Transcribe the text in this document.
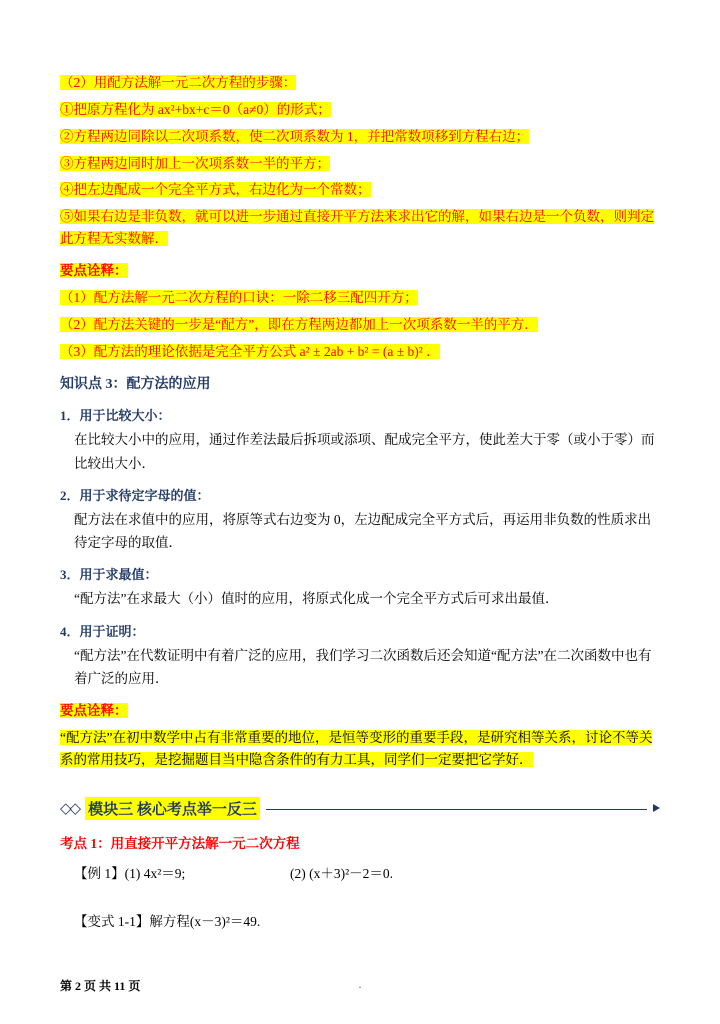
（2）用配方法解一元二次方程的步骤：

①把原方程化为 ax²+bx+c＝0（a≠0）的形式；

②方程两边同除以二次项系数，使二次项系数为 1，并把常数项移到方程右边；

③方程两边同时加上一次项系数一半的平方；

④把左边配成一个完全平方式，右边化为一个常数；

⑤如果右边是非负数，就可以进一步通过直接开平方法来求出它的解，如果右边是一个负数，则判定此方程无实数解．

要点诠释：

（1）配方法解一元二次方程的口诀：一除二移三配四开方；

（2）配方法关键的一步是“配方”，即在方程两边都加上一次项系数一半的平方．

（3）配方法的理论依据是完全平方公式 a² ± 2ab + b² = (a ± b)² ．

知识点 3：配方法的应用

1．用于比较大小：

在比较大小中的应用，通过作差法最后拆项或添项、配成完全平方，使此差大于零（或小于零）而比较出大小．

2．用于求待定字母的值：

配方法在求值中的应用，将原等式右边变为 0，左边配成完全平方式后，再运用非负数的性质求出待定字母的取值．

3．用于求最值：

“配方法”在求最大（小）值时的应用，将原式化成一个完全平方式后可求出最值．

4．用于证明：

“配方法”在代数证明中有着广泛的应用，我们学习二次函数后还会知道“配方法”在二次函数中也有着广泛的应用．

要点诠释：

“配方法”在初中数学中占有非常重要的地位，是恒等变形的重要手段，是研究相等关系，讨论不等关系的常用技巧，是挖掘题目当中隐含条件的有力工具，同学们一定要把它学好．

◇◇ 模块三 核心考点举一反三

考点 1：用直接开平方法解一元二次方程

【例 1】(1) 4x²＝9;	(2) (x＋3)²－2＝0.

【变式 1-1】解方程(x－3)²＝49.

第 2 页 共 11 页	.
